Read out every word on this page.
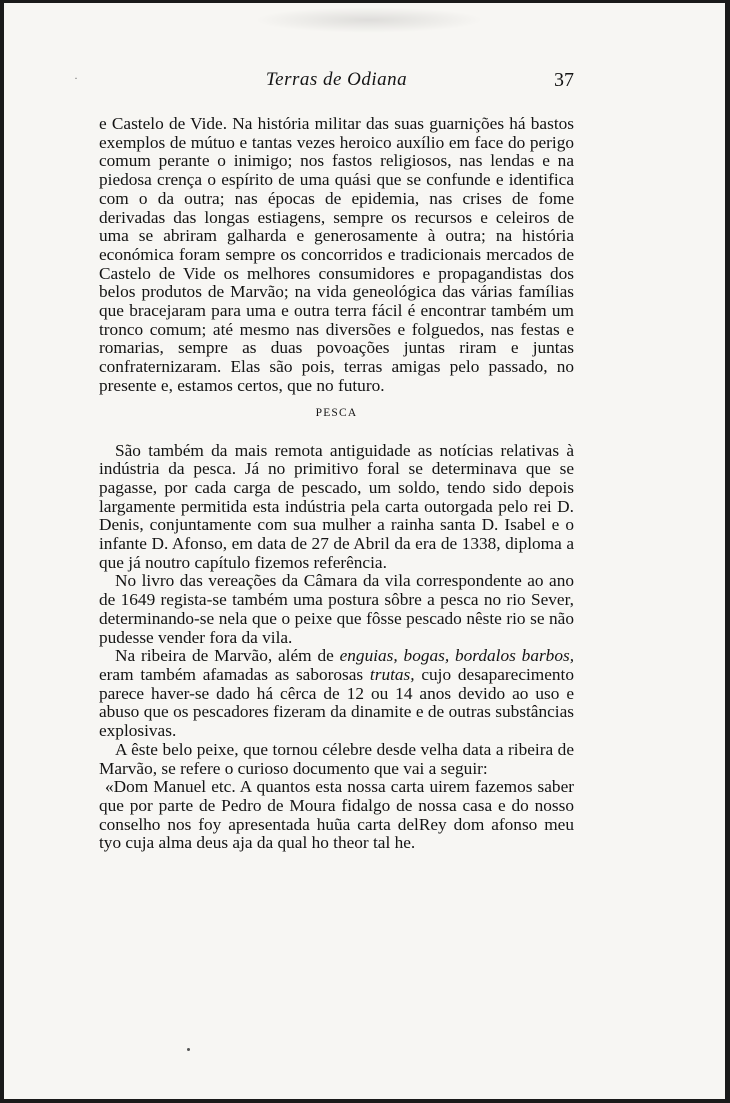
·	Terras de Odiana	37

e Castelo de Vide. Na história militar das suas guarnições há bastos exemplos de mútuo e tantas vezes heroico auxílio em face do perigo comum perante o inimigo; nos fastos religiosos, nas lendas e na piedosa crença o espírito de uma quási que se confunde e identifica com o da outra; nas épocas de epidemia, nas crises de fome derivadas das longas estiagens, sempre os recursos e celeiros de uma se abriram galharda e generosamente à outra; na história económica foram sempre os concorridos e tradicionais mercados de Castelo de Vide os melhores consumidores e propagandistas dos belos produtos de Marvão; na vida geneológica das várias famílias que bracejaram para uma e outra terra fácil é encontrar também um tronco comum; até mesmo nas diversões e folguedos, nas festas e romarias, sempre as duas povoações juntas riram e juntas confraternizaram. Elas são pois, terras amigas pelo passado, no presente e, estamos certos, que no futuro.

PESCA

São também da mais remota antiguidade as notícias relativas à indústria da pesca. Já no primitivo foral se determinava que se pagasse, por cada carga de pescado, um soldo, tendo sido depois largamente permitida esta indústria pela carta outorgada pelo rei D. Denis, conjuntamente com sua mulher a rainha santa D. Isabel e o infante D. Afonso, em data de 27 de Abril da era de 1338, diploma a que já noutro capítulo fizemos referência.

No livro das vereações da Câmara da vila correspondente ao ano de 1649 regista-se também uma postura sôbre a pesca no rio Sever, determinando-se nela que o peixe que fôsse pescado nêste rio se não pudesse vender fora da vila.

Na ribeira de Marvão, além de enguias, bogas, bordalos barbos, eram também afamadas as saborosas trutas, cujo desaparecimento parece haver-se dado há cêrca de 12 ou 14 anos devido ao uso e abuso que os pescadores fizeram da dinamite e de outras substâncias explosivas.

A êste belo peixe, que tornou célebre desde velha data a ribeira de Marvão, se refere o curioso documento que vai a seguir:

«Dom Manuel etc. A quantos esta nossa carta uirem fazemos saber que por parte de Pedro de Moura fidalgo de nossa casa e do nosso conselho nos foy apresentada huũa carta delRey dom afonso meu tyo cuja alma deus aja da qual ho theor tal he.
